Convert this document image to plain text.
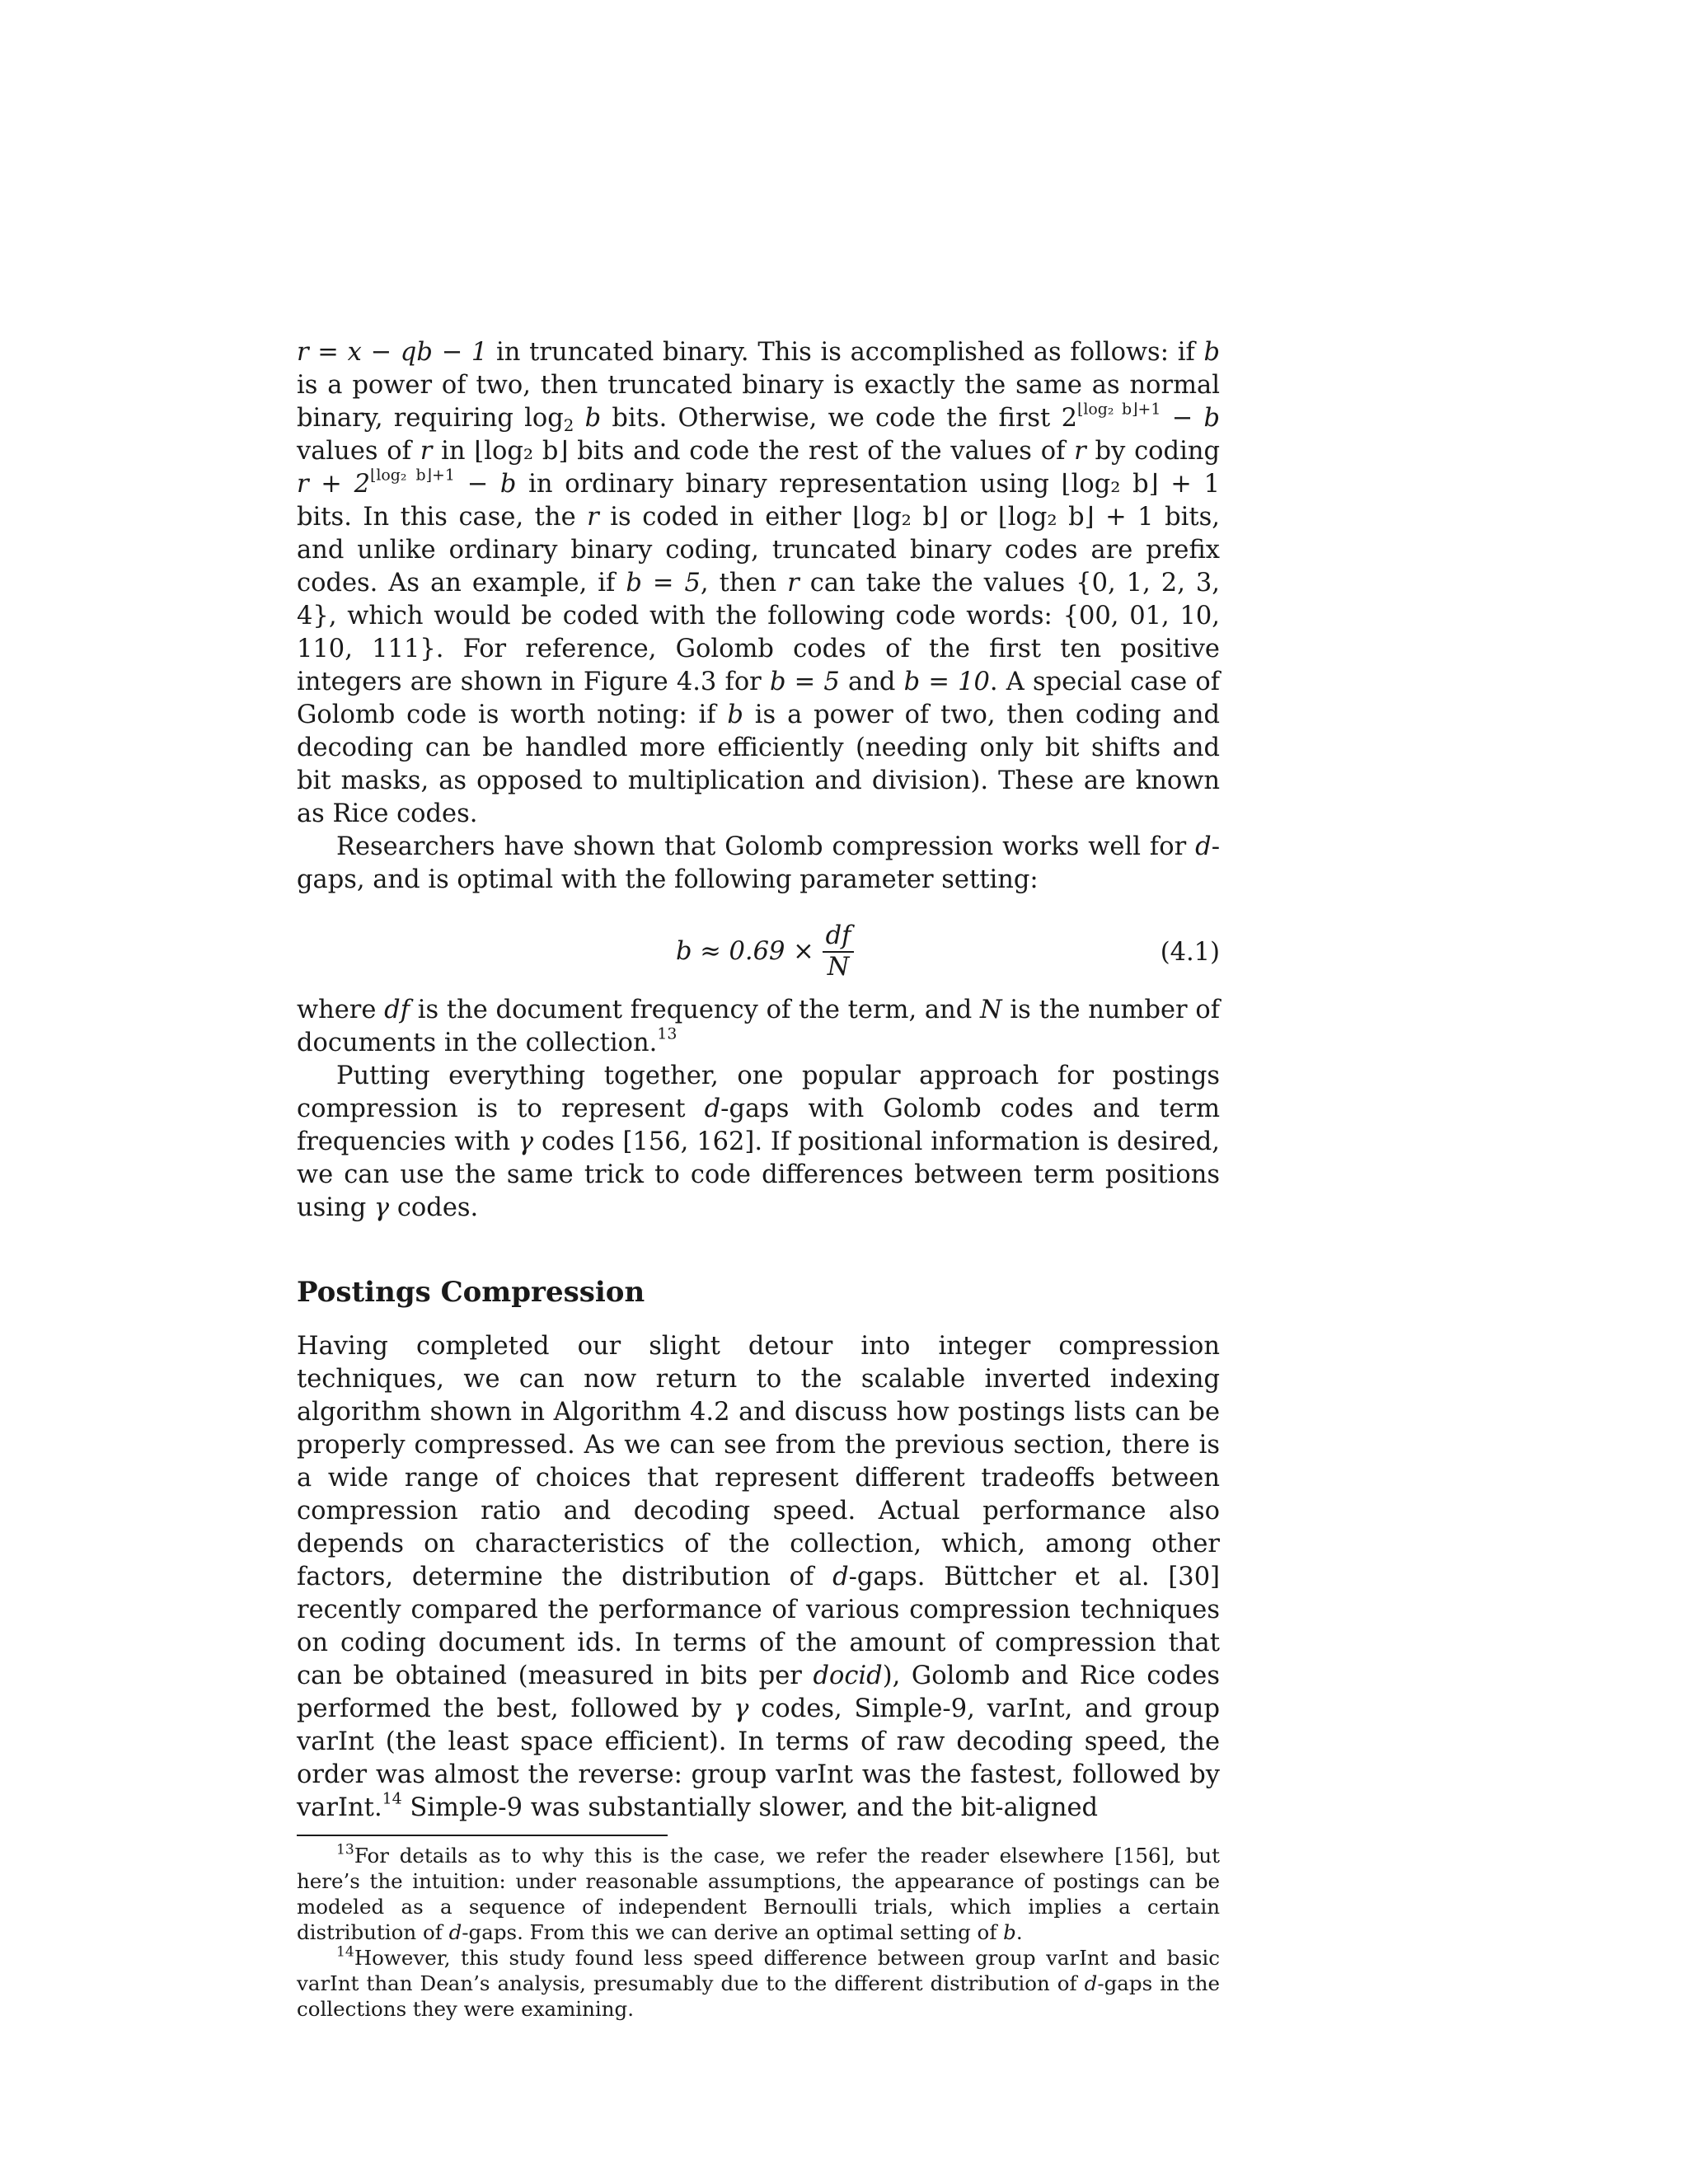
r = x − qb − 1 in truncated binary. This is accomplished as follows: if b is a power of two, then truncated binary is exactly the same as normal binary, requiring $\log_2 b$ bits. Otherwise, we code the first $2^{⌊log_2 b⌋+1} - b$ values of r in ⌊log₂ b⌋ bits and code the rest of the values of r by coding $r + 2^{⌊log_2 b⌋+1} - b$ in ordinary binary representation using ⌊log₂ b⌋ + 1 bits. In this case, the r is coded in either ⌊log₂ b⌋ or ⌊log₂ b⌋ + 1 bits, and unlike ordinary binary coding, truncated binary codes are prefix codes. As an example, if b = 5, then r can take the values {0, 1, 2, 3, 4}, which would be coded with the following code words: {00, 01, 10, 110, 111}. For reference, Golomb codes of the first ten positive integers are shown in Figure 4.3 for b = 5 and b = 10. A special case of Golomb code is worth noting: if b is a power of two, then coding and decoding can be handled more efficiently (needing only bit shifts and bit masks, as opposed to multiplication and division). These are known as Rice codes.

Researchers have shown that Golomb compression works well for d-gaps, and is optimal with the following parameter setting:

$b \approx 0.69 \times \frac{df}{N}$	(4.1)

where df is the document frequency of the term, and N is the number of documents in the collection.$^{13}$

Putting everything together, one popular approach for postings compression is to represent d-gaps with Golomb codes and term frequencies with γ codes [156, 162]. If positional information is desired, we can use the same trick to code differences between term positions using γ codes.

Postings Compression

Having completed our slight detour into integer compression techniques, we can now return to the scalable inverted indexing algorithm shown in Algorithm 4.2 and discuss how postings lists can be properly compressed. As we can see from the previous section, there is a wide range of choices that represent different tradeoffs between compression ratio and decoding speed. Actual performance also depends on characteristics of the collection, which, among other factors, determine the distribution of d-gaps. Büttcher et al. [30] recently compared the performance of various compression techniques on coding document ids. In terms of the amount of compression that can be obtained (measured in bits per docid), Golomb and Rice codes performed the best, followed by γ codes, Simple-9, varInt, and group varInt (the least space efficient). In terms of raw decoding speed, the order was almost the reverse: group varInt was the fastest, followed by varInt.$^{14}$ Simple-9 was substantially slower, and the bit-aligned

$^{13}$For details as to why this is the case, we refer the reader elsewhere [156], but here’s the intuition: under reasonable assumptions, the appearance of postings can be modeled as a sequence of independent Bernoulli trials, which implies a certain distribution of d-gaps. From this we can derive an optimal setting of b.

$^{14}$However, this study found less speed difference between group varInt and basic varInt than Dean’s analysis, presumably due to the different distribution of d-gaps in the collections they were examining.
